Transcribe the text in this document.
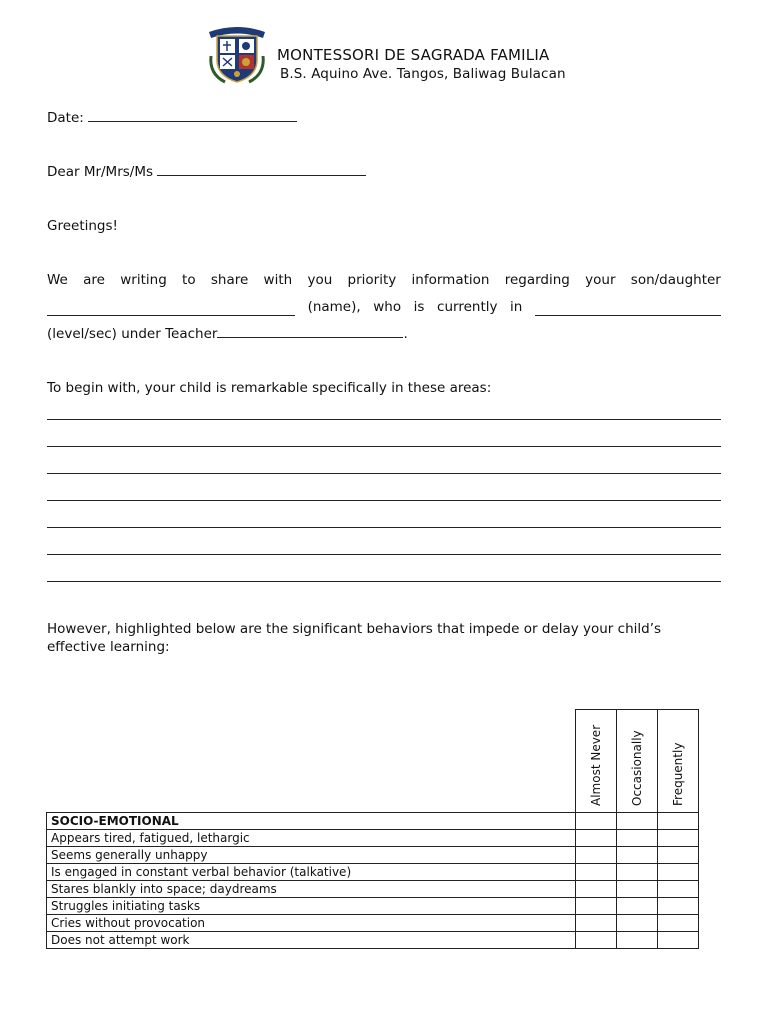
MONTESSORI DE SAGRADA FAMILIA
B.S. Aquino Ave. Tangos, Baliwag Bulacan
Date:
Dear Mr/Mrs/Ms
Greetings!
We are writing to share with you priority information regarding your son/daughter
(name), who is currently in
(level/sec) under Teacher	.
To begin with, your child is remarkable specifically in these areas:
However, highlighted below are the significant behaviors that impede or delay your child’s effective learning:

	Almost Never	Occasionally	Frequently

SOCIO-EMOTIONAL			
Appears tired, fatigued, lethargic			
Seems generally unhappy			
Is engaged in constant verbal behavior (talkative)			
Stares blankly into space; daydreams			
Struggles initiating tasks			
Cries without provocation			
Does not attempt work			
